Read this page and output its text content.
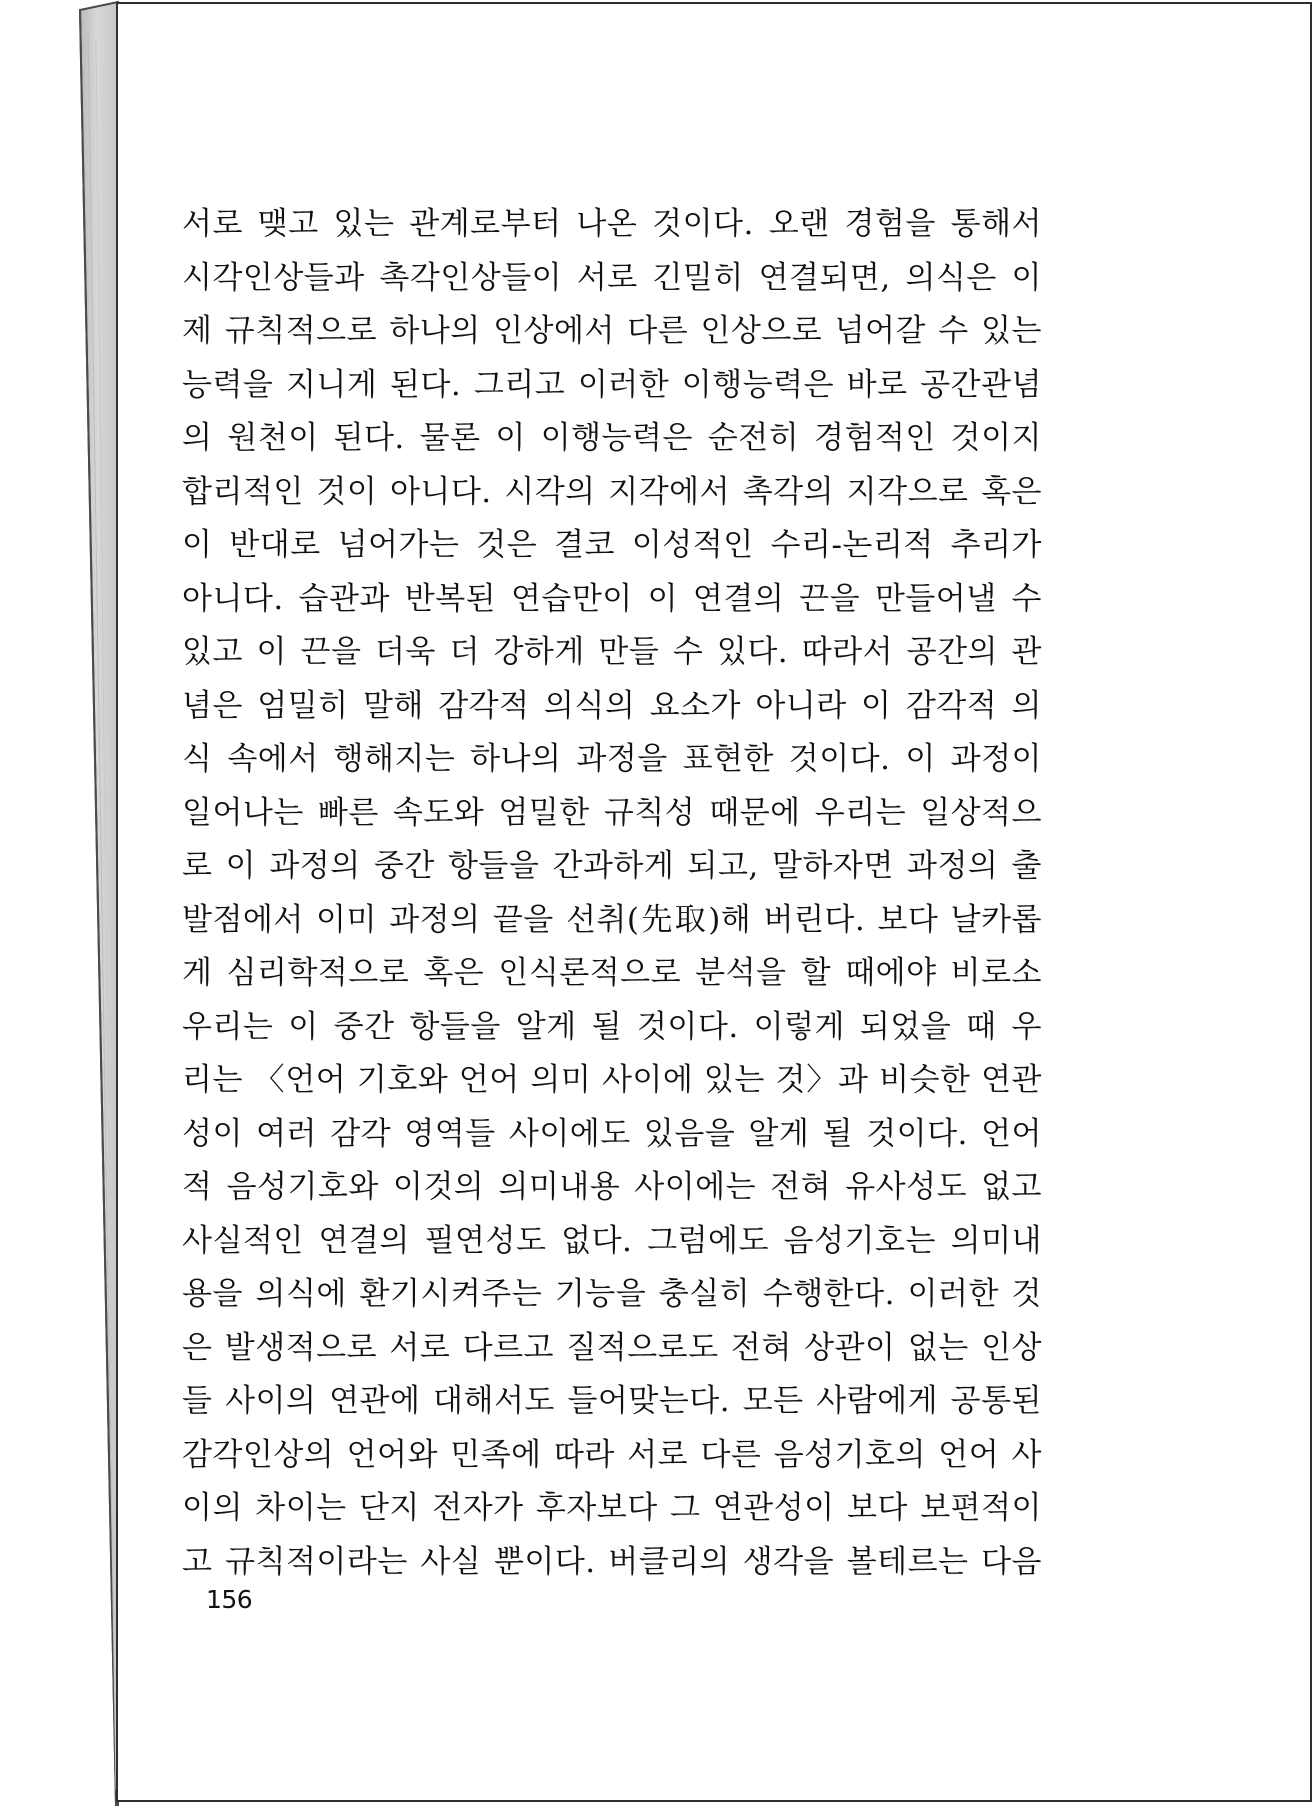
서로 맺고 있는 관계로부터 나온 것이다. 오랜 경험을 통해서
시각인상들과 촉각인상들이 서로 긴밀히 연결되면, 의식은 이
제 규칙적으로 하나의 인상에서 다른 인상으로 넘어갈 수 있는
능력을 지니게 된다. 그리고 이러한 이행능력은 바로 공간관념
의 원천이 된다. 물론 이 이행능력은 순전히 경험적인 것이지
합리적인 것이 아니다. 시각의 지각에서 촉각의 지각으로 혹은
이 반대로 넘어가는 것은 결코 이성적인 수리-논리적 추리가
아니다. 습관과 반복된 연습만이 이 연결의 끈을 만들어낼 수
있고 이 끈을 더욱 더 강하게 만들 수 있다. 따라서 공간의 관
념은 엄밀히 말해 감각적 의식의 요소가 아니라 이 감각적 의
식 속에서 행해지는 하나의 과정을 표현한 것이다. 이 과정이
일어나는 빠른 속도와 엄밀한 규칙성 때문에 우리는 일상적으
로 이 과정의 중간 항들을 간과하게 되고, 말하자면 과정의 출
발점에서 이미 과정의 끝을 선취(先取)해 버린다. 보다 날카롭
게 심리학적으로 혹은 인식론적으로 분석을 할 때에야 비로소
우리는 이 중간 항들을 알게 될 것이다. 이렇게 되었을 때 우
리는 〈언어 기호와 언어 의미 사이에 있는 것〉과 비슷한 연관
성이 여러 감각 영역들 사이에도 있음을 알게 될 것이다. 언어
적 음성기호와 이것의 의미내용 사이에는 전혀 유사성도 없고
사실적인 연결의 필연성도 없다. 그럼에도 음성기호는 의미내
용을 의식에 환기시켜주는 기능을 충실히 수행한다. 이러한 것
은 발생적으로 서로 다르고 질적으로도 전혀 상관이 없는 인상
들 사이의 연관에 대해서도 들어맞는다. 모든 사람에게 공통된
감각인상의 언어와 민족에 따라 서로 다른 음성기호의 언어 사
이의 차이는 단지 전자가 후자보다 그 연관성이 보다 보편적이
고 규칙적이라는 사실 뿐이다. 버클리의 생각을 볼테르는 다음
156
